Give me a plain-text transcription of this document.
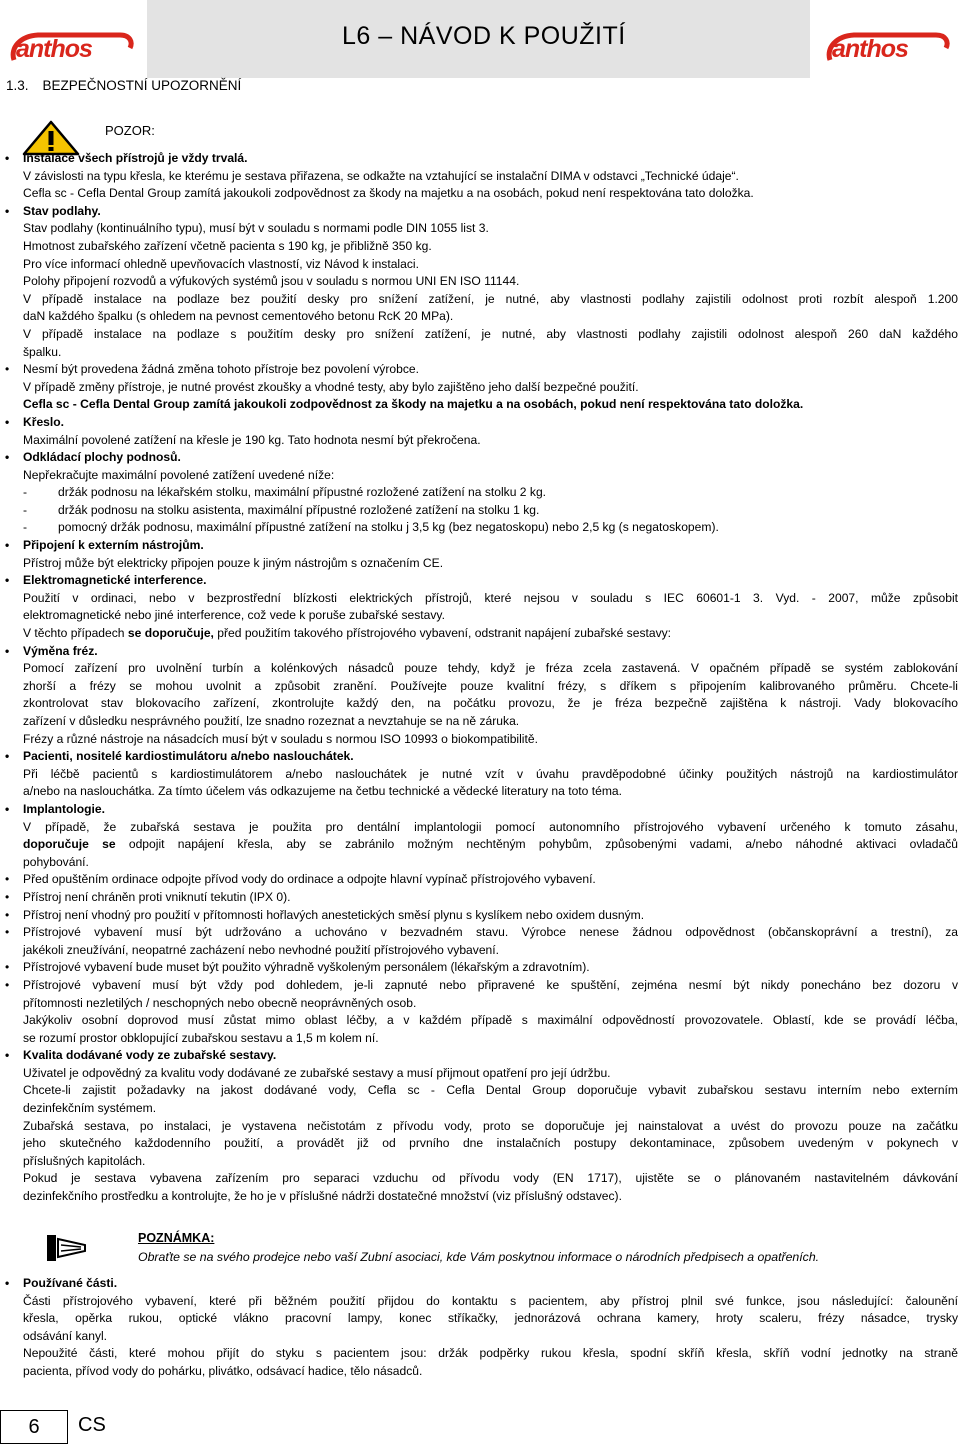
anthos	L6 – NÁVOD K POUŽITÍ	anthos
1.3. BEZPEČNOSTNÍ UPOZORNĚNÍ
POZOR:
• Instalace všech přístrojů je vždy trvalá.
V závislosti na typu křesla, ke kterému je sestava přiřazena, se odkažte na vztahující se instalační DIMA v odstavci „Technické údaje“.
Cefla sc - Cefla Dental Group zamítá jakoukoli zodpovědnost za škody na majetku a na osobách, pokud není respektována tato doložka.
• Stav podlahy.
Stav podlahy (kontinuálního typu), musí být v souladu s normami podle DIN 1055 list 3.
Hmotnost zubařského zařízení včetně pacienta s 190 kg, je přibližně 350 kg.
Pro více informací ohledně upevňovacích vlastností, viz Návod k instalaci.
Polohy připojení rozvodů a výfukových systémů jsou v souladu s normou UNI EN ISO 11144.
V případě instalace na podlaze bez použití desky pro snížení zatížení, je nutné, aby vlastnosti podlahy zajistili odolnost proti rozbít alespoň 1.200
daN každého špalku (s ohledem na pevnost cementového betonu RcK 20 MPa).
V případě instalace na podlaze s použitím desky pro snížení zatížení, je nutné, aby vlastnosti podlahy zajistili odolnost alespoň 260 daN každého
špalku.
• Nesmí být provedena žádná změna tohoto přístroje bez povolení výrobce.
V případě změny přístroje, je nutné provést zkoušky a vhodné testy, aby bylo zajištěno jeho další bezpečné použití.
Cefla sc - Cefla Dental Group zamítá jakoukoli zodpovědnost za škody na majetku a na osobách, pokud není respektována tato doložka.
• Křeslo.
Maximální povolené zatížení na křesle je 190 kg. Tato hodnota nesmí být překročena.
• Odkládací plochy podnosů.
Nepřekračujte maximální povolené zatížení uvedené níže:
-	držák podnosu na lékařském stolku, maximální přípustné rozložené zatížení na stolku 2 kg.
-	držák podnosu na stolku asistenta, maximální přípustné rozložené zatížení na stolku 1 kg.
-	pomocný držák podnosu, maximální přípustné zatížení na stolku j 3,5 kg (bez negatoskopu) nebo 2,5 kg (s negatoskopem).
• Připojení k externím nástrojům.
Přístroj může být elektricky připojen pouze k jiným nástrojům s označením CE.
• Elektromagnetické interference.
Použití v ordinaci, nebo v bezprostřední blízkosti elektrických přístrojů, které nejsou v souladu s IEC 60601-1 3. Vyd. - 2007, může způsobit
elektromagnetické nebo jiné interference, což vede k poruše zubařské sestavy.
V těchto případech se doporučuje, před použitím takového přístrojového vybavení, odstranit napájení zubařské sestavy:
• Výměna fréz.
Pomocí zařízení pro uvolnění turbín a kolénkových násadců pouze tehdy, když je fréza zcela zastavená. V opačném případě se systém zablokování
zhorší a frézy se mohou uvolnit a způsobit zranění. Používejte pouze kvalitní frézy, s dříkem s připojením kalibrovaného průměru. Chcete-li
zkontrolovat stav blokovacího zařízení, zkontrolujte každý den, na počátku provozu, že je fréza bezpečně zajištěna k nástroji. Vady blokovacího
zařízení v důsledku nesprávného použití, lze snadno rozeznat a nevztahuje se na ně záruka.
Frézy a různé nástroje na násadcích musí být v souladu s normou ISO 10993 o biokompatibilitě.
• Pacienti, nositelé kardiostimulátoru a/nebo naslouchátek.
Při léčbě pacientů s kardiostimulátorem a/nebo naslouchátek je nutné vzít v úvahu pravděpodobné účinky použitých nástrojů na kardiostimulátor
a/nebo na naslouchátka. Za tímto účelem vás odkazujeme na četbu technické a vědecké literatury na toto téma.
• Implantologie.
V případě, že zubařská sestava je použita pro dentální implantologii pomocí autonomního přístrojového vybavení určeného k tomuto zásahu,
doporučuje se odpojit napájení křesla, aby se zabránilo možným nechtěným pohybům, způsobenými vadami, a/nebo náhodné aktivaci ovladačů
pohybování.
• Před opuštěním ordinace odpojte přívod vody do ordinace a odpojte hlavní vypínač přístrojového vybavení.
• Přístroj není chráněn proti vniknutí tekutin (IPX 0).
• Přístroj není vhodný pro použití v přítomnosti hořlavých anestetických směsí plynu s kyslíkem nebo oxidem dusným.
• Přístrojové vybavení musí být udržováno a uchováno v bezvadném stavu. Výrobce nenese žádnou odpovědnost (občanskoprávní a trestní), za
jakékoli zneužívání, neopatrné zacházení nebo nevhodné použití přístrojového vybavení.
• Přístrojové vybavení bude muset být použito výhradně vyškoleným personálem (lékařským a zdravotním).
• Přístrojové vybavení musí být vždy pod dohledem, je-li zapnuté nebo připravené ke spuštění, zejména nesmí být nikdy ponecháno bez dozoru v
přítomnosti nezletilých / neschopných nebo obecně neoprávněných osob.
Jakýkoliv osobní doprovod musí zůstat mimo oblast léčby, a v každém případě s maximální odpovědností provozovatele. Oblastí, kde se provádí léčba,
se rozumí prostor obklopující zubařskou sestavu a 1,5 m kolem ní.
• Kvalita dodávané vody ze zubařské sestavy.
Uživatel je odpovědný za kvalitu vody dodávané ze zubařské sestavy a musí přijmout opatření pro její údržbu.
Chcete-li zajistit požadavky na jakost dodávané vody, Cefla sc - Cefla Dental Group doporučuje vybavit zubařskou sestavu interním nebo externím
dezinfekčním systémem.
Zubařská sestava, po instalaci, je vystavena nečistotám z přívodu vody, proto se doporučuje jej nainstalovat a uvést do provozu pouze na začátku
jeho skutečného každodenního použití, a provádět již od prvního dne instalačních postupy dekontaminace, způsobem uvedeným v pokynech v
příslušných kapitolách.
Pokud je sestava vybavena zařízením pro separaci vzduchu od přívodu vody (EN 1717), ujistěte se o plánovaném nastavitelném dávkování
dezinfekčního prostředku a kontrolujte, že ho je v příslušné nádrži dostatečné množství (viz příslušný odstavec).
POZNÁMKA:
Obraťte se na svého prodejce nebo vaší Zubní asociaci, kde Vám poskytnou informace o národních předpisech a opatřeních.
• Používané části.
Části přístrojového vybavení, které při běžném použití přijdou do kontaktu s pacientem, aby přístroj plnil své funkce, jsou následující: čalounění
křesla, opěrka rukou, optické vlákno pracovní lampy, konec stříkačky, jednorázová ochrana kamery, hroty scaleru, frézy násadce, trysky
odsávání kanyl.
Nepoužité části, které mohou přijít do styku s pacientem jsou: držák podpěrky rukou křesla, spodní skříň křesla, skříň vodní jednotky na straně
pacienta, přívod vody do pohárku, plivátko, odsávací hadice, tělo násadců.
6	CS
